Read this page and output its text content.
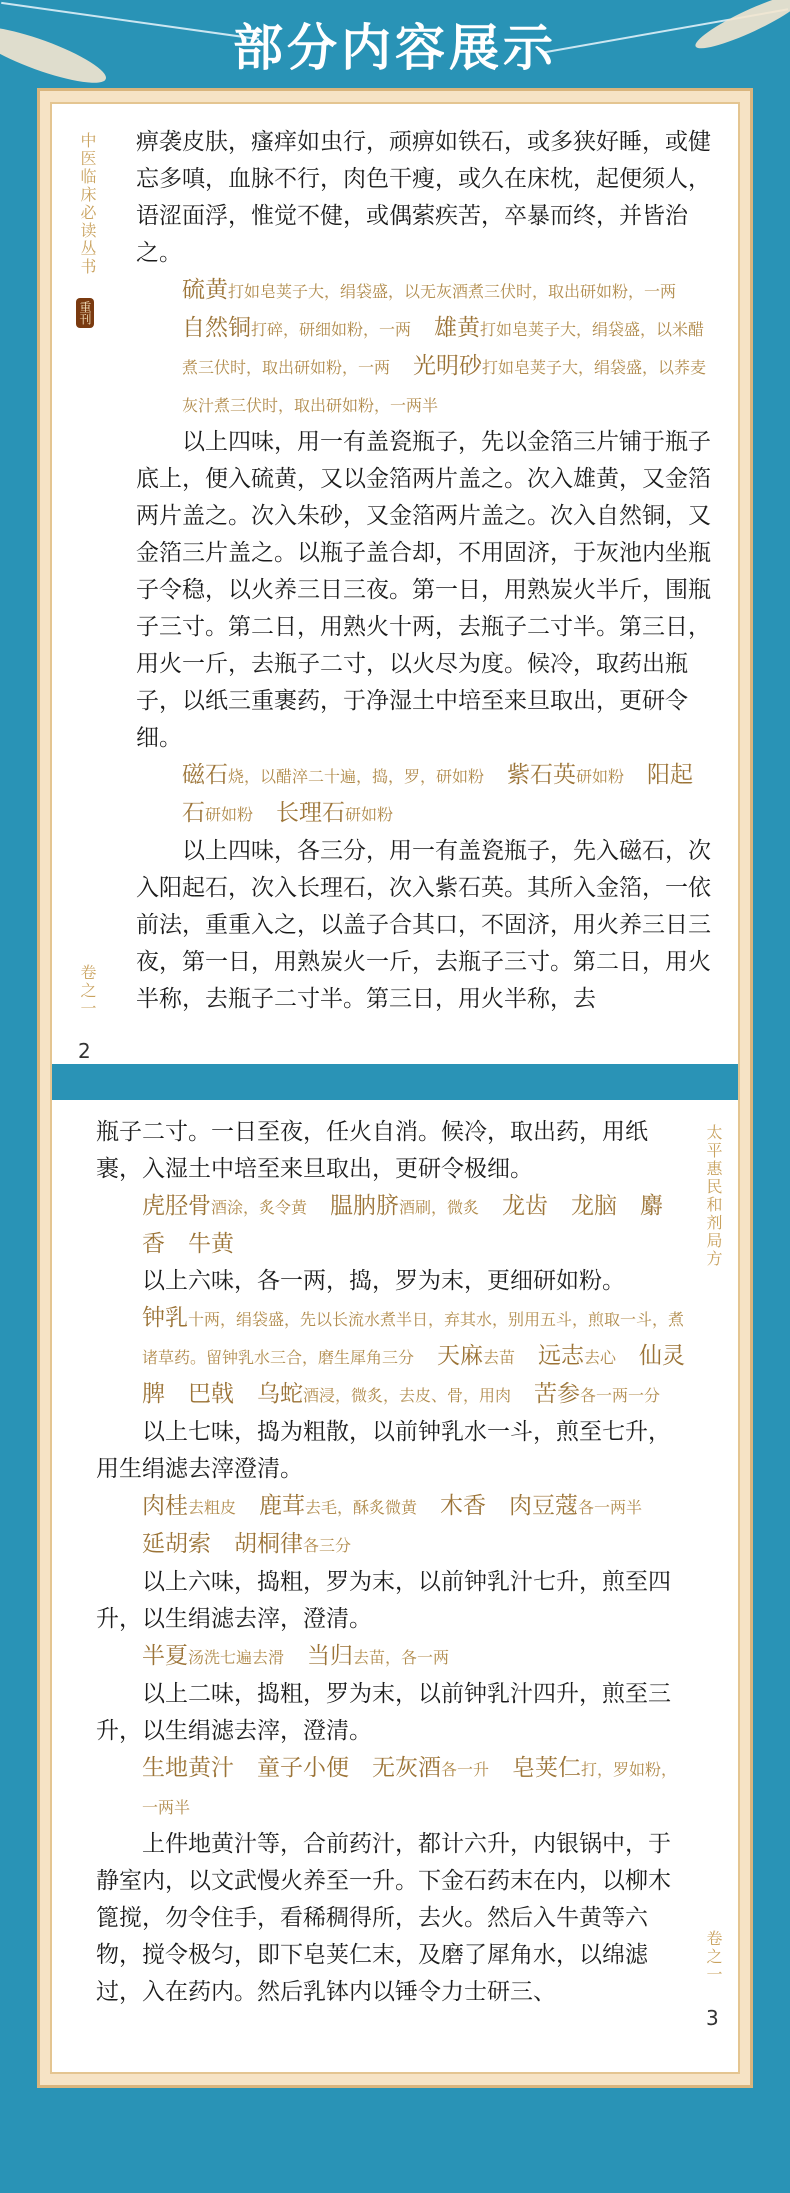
部分内容展示
中医临床必读丛书
重刊
卷之一
2

痹袭皮肤，瘙痒如虫行，顽痹如铁石，或多狭好睡，或健忘多嗔，血脉不行，肉色干瘦，或久在床枕，起便须人，语涩面浮，惟觉不健，或偶萦疾苦，卒暴而终，并皆治之。

硫黄打如皂荚子大，绢袋盛，以无灰酒煮三伏时，取出研如粉，一两　自然铜打碎，研细如粉，一两　 雄黄打如皂荚子大，绢袋盛，以米醋煮三伏时，取出研如粉，一两　 光明砂打如皂荚子大，绢袋盛，以荞麦灰汁煮三伏时，取出研如粉，一两半　

以上四味，用一有盖瓷瓶子，先以金箔三片铺于瓶子底上，便入硫黄，又以金箔两片盖之。次入雄黄，又金箔两片盖之。次入朱砂，又金箔两片盖之。次入自然铜，又金箔三片盖之。以瓶子盖合却，不用固济，于灰池内坐瓶子令稳，以火养三日三夜。第一日，用熟炭火半斤，围瓶子三寸。第二日，用熟火十两，去瓶子二寸半。第三日，用火一斤，去瓶子二寸，以火尽为度。候冷，取药出瓶子，以纸三重裹药，于净湿土中培至来旦取出，更研令细。

磁石烧，以醋淬二十遍，捣，罗，研如粉　 紫石英研如粉　 阳起石研如粉　 长理石研如粉　

以上四味，各三分，用一有盖瓷瓶子，先入磁石，次入阳起石，次入长理石，次入紫石英。其所入金箔，一依前法，重重入之，以盖子合其口，不固济，用火养三日三夜，第一日，用熟炭火一斤，去瓶子三寸。第二日，用火半称，去瓶子二寸半。第三日，用火半称，去

太平惠民和剂局方
卷之一
3

瓶子二寸。一日至夜，任火自消。候冷，取出药，用纸裹，入湿土中培至来旦取出，更研令极细。

虎胫骨酒涂，炙令黄　 腽肭脐酒刷，微炙　 龙齿　 龙脑　 麝香　 牛黄　

以上六味，各一两，捣，罗为末，更细研如粉。

钟乳十两，绢袋盛，先以长流水煮半日，弃其水，别用五斗，煎取一斗，煮诸草药。留钟乳水三合，磨生犀角三分　 天麻去苗　 远志去心　 仙灵脾　 巴戟　 乌蛇酒浸，微炙，去皮、骨，用肉　 苦参各一两一分　

以上七味，捣为粗散，以前钟乳水一斗，煎至七升，用生绢滤去滓澄清。

肉桂去粗皮　 鹿茸去毛，酥炙微黄　 木香　 肉豆蔻各一两半　延胡索　 胡桐律各三分　

以上六味，捣粗，罗为末，以前钟乳汁七升，煎至四升，以生绢滤去滓，澄清。

半夏汤洗七遍去滑　 当归去苗，各一两　

以上二味，捣粗，罗为末，以前钟乳汁四升，煎至三升，以生绢滤去滓，澄清。

生地黄汁　 童子小便　 无灰酒各一升　 皂荚仁打，罗如粉，一两半　

上件地黄汁等，合前药汁，都计六升，内银锅中，于静室内，以文武慢火养至一升。下金石药末在内，以柳木篦搅，勿令住手，看稀稠得所，去火。然后入牛黄等六物，搅令极匀，即下皂荚仁末，及磨了犀角水，以绵滤过，入在药内。然后乳钵内以锤令力士研三、
